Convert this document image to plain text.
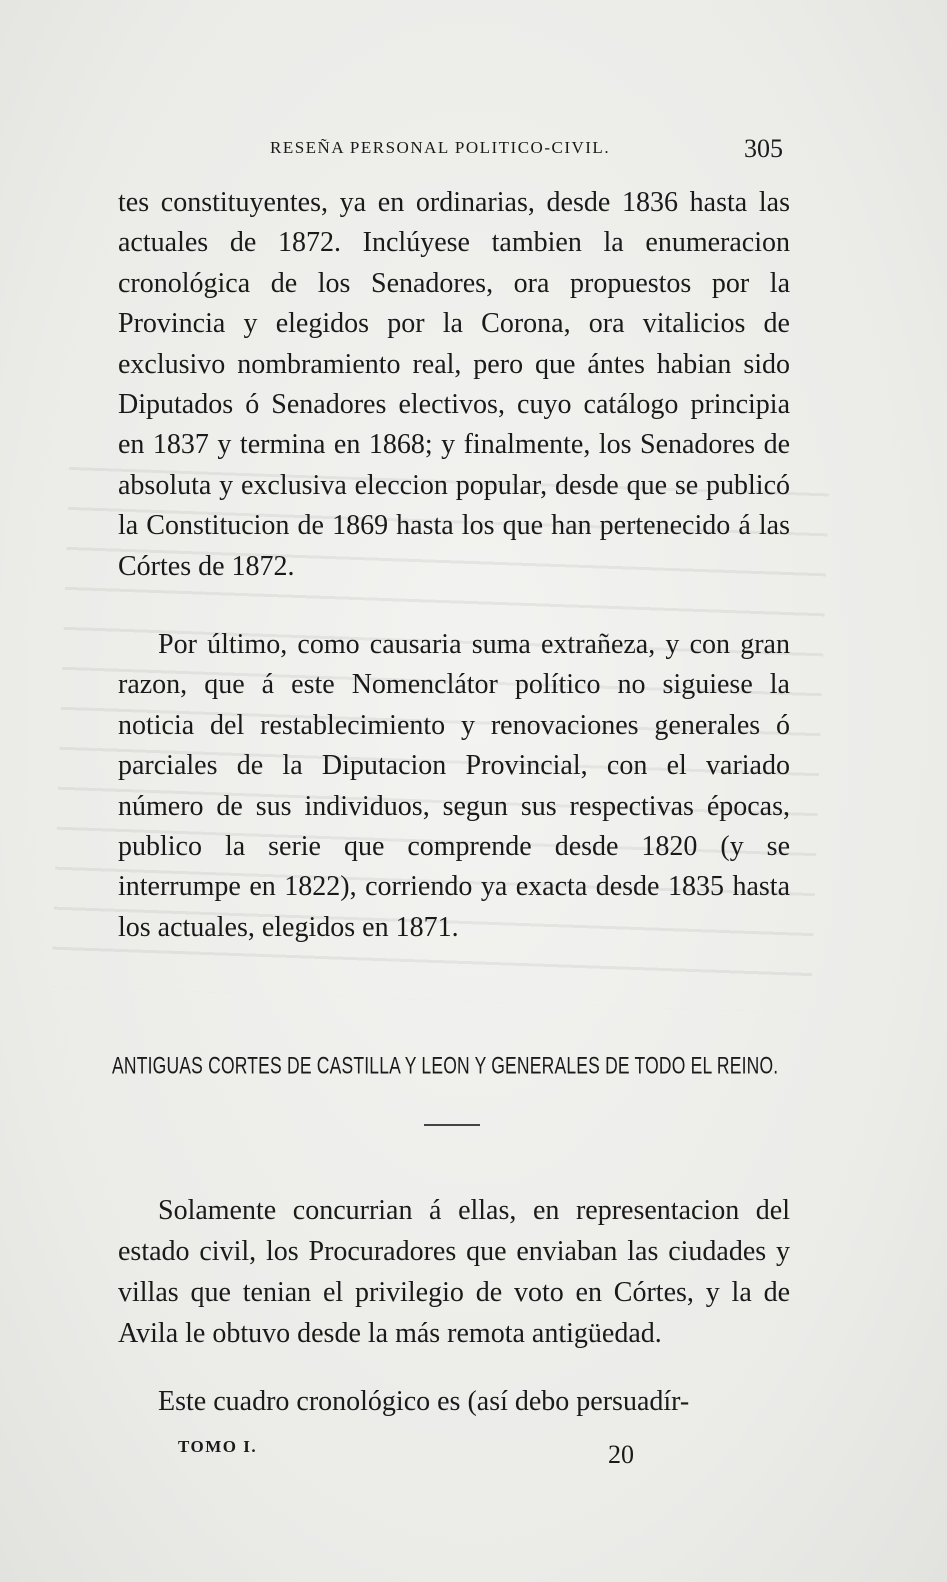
RESEÑA PERSONAL POLITICO-CIVIL.	305

tes constituyentes, ya en ordinarias, desde 1836 hasta las actuales de 1872. Inclúyese tambien la enumeracion cronológica de los Senadores, ora propuestos por la Provincia y elegidos por la Corona, ora vitalicios de exclusivo nombramiento real, pero que ántes habian sido Diputados ó Senadores electivos, cuyo catálogo principia en 1837 y termina en 1868; y finalmente, los Senadores de absoluta y exclusiva eleccion popular, desde que se publicó la Constitucion de 1869 hasta los que han pertenecido á las Córtes de 1872.

Por último, como causaria suma extrañeza, y con gran razon, que á este Nomenclátor político no siguiese la noticia del restablecimiento y renovaciones generales ó parciales de la Diputacion Provincial, con el variado número de sus individuos, segun sus respectivas épocas, publico la serie que comprende desde 1820 (y se interrumpe en 1822), corriendo ya exacta desde 1835 hasta los actuales, elegidos en 1871.

ANTIGUAS CORTES DE CASTILLA Y LEON Y GENERALES DE TODO EL REINO.

Solamente concurrian á ellas, en representacion del estado civil, los Procuradores que enviaban las ciudades y villas que tenian el privilegio de voto en Córtes, y la de Avila le obtuvo desde la más remota antigüedad.

Este cuadro cronológico es (así debo persuadír-

TOMO I.	20
